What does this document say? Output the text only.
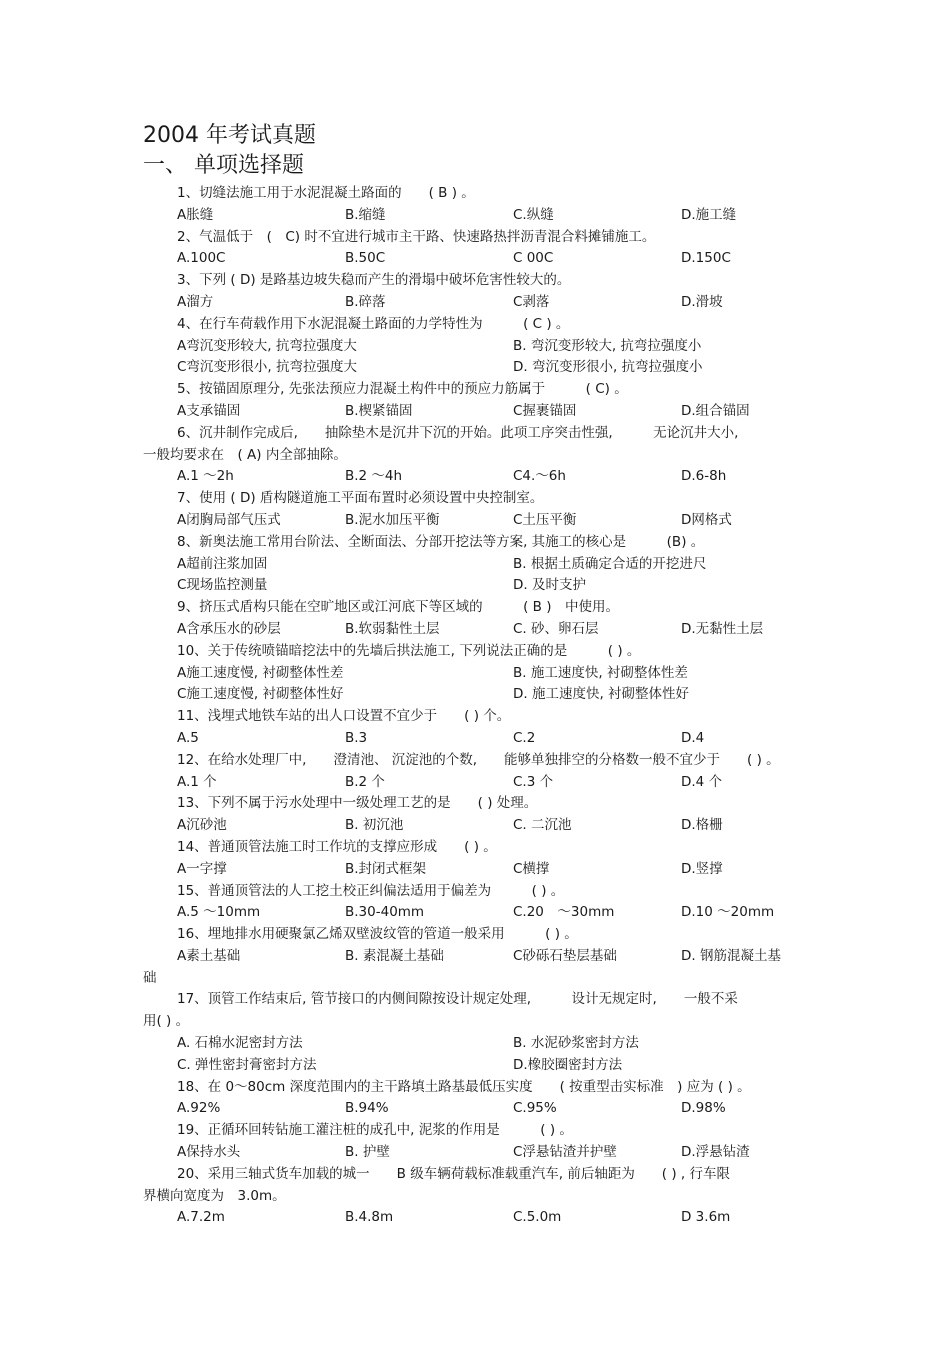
2004 年考试真题
一、 单项选择题
1、切缝法施工用于水泥混凝土路面的　　( B ) 。
A胀缝	B.缩缝	C.纵缝	D.施工缝
2、气温低于　(　C) 时不宜进行城市主干路、快速路热拌沥青混合料摊铺施工。
A.100C	B.50C	C 00C	D.150C
3、下列 ( D) 是路基边坡失稳而产生的滑塌中破坏危害性较大的。
A溜方	B.碎落	C剥落	D.滑坡
4、在行车荷载作用下水泥混凝土路面的力学特性为　　　( C ) 。
A弯沉变形较大, 抗弯拉强度大	B. 弯沉变形较大, 抗弯拉强度小
C弯沉变形很小, 抗弯拉强度大	D. 弯沉变形很小, 抗弯拉强度小
5、按锚固原理分, 先张法预应力混凝土构件中的预应力筋属于　　　( C) 。
A支承锚固	B.楔紧锚固	C握裹锚固	D.组合锚固
6、沉井制作完成后,　　抽除垫木是沉井下沉的开始。此项工序突击性强,　　　无论沉井大小,
一般均要求在　( A) 内全部抽除。
A.1 ～2h	B.2 ～4h	C4.～6h	D.6-8h
7、使用 ( D) 盾构隧道施工平面布置时必须设置中央控制室。
A闭胸局部气压式	B.泥水加压平衡	C土压平衡	D网格式
8、新奥法施工常用台阶法、全断面法、分部开挖法等方案, 其施工的核心是　　　(B) 。
A超前注浆加固	B. 根据土质确定合适的开挖进尺
C现场监控测量	D. 及时支护
9、挤压式盾构只能在空旷地区或江河底下等区域的　　　( B )　中使用。
A含承压水的砂层	B.软弱黏性土层	C. 砂、卵石层	D.无黏性土层
10、关于传统喷锚暗挖法中的先墙后拱法施工, 下列说法正确的是　　　( ) 。
A施工速度慢, 衬砌整体性差	B. 施工速度快, 衬砌整体性差
C施工速度慢, 衬砌整体性好	D. 施工速度快, 衬砌整体性好
11、浅埋式地铁车站的出人口设置不宜少于　　( ) 个。
A.5	B.3	C.2	D.4
12、在给水处理厂中,　　澄清池、 沉淀池的个数,　　能够单独排空的分格数一般不宜少于　　( ) 。
A.1 个	B.2 个	C.3 个	D.4 个
13、下列不属于污水处理中一级处理工艺的是　　( ) 处理。
A沉砂池	B. 初沉池	C. 二沉池	D.格栅
14、普通顶管法施工时工作坑的支撑应形成　　( ) 。
A一字撑	B.封闭式框架	C横撑	D.竖撑
15、普通顶管法的人工挖土校正纠偏法适用于偏差为　　　( ) 。
A.5 ～10mm	B.30-40mm	C.20　～30mm	D.10 ～20mm
16、埋地排水用硬聚氯乙烯双壁波纹管的管道一般采用　　　( ) 。
A素土基础	B. 素混凝土基础	C砂砾石垫层基础	D. 钢筋混凝土基
础
17、顶管工作结束后, 管节接口的内侧间隙按设计规定处理,　　　设计无规定时,　　一般不采
用( ) 。
A. 石棉水泥密封方法	B. 水泥砂浆密封方法
C. 弹性密封膏密封方法	D.橡胶圈密封方法
18、在 0～80cm 深度范围内的主干路填土路基最低压实度　　( 按重型击实标准　) 应为 ( ) 。
A.92%	B.94%	C.95%	D.98%
19、正循环回转钻施工灌注桩的成孔中, 泥浆的作用是　　　( ) 。
A保持水头	B. 护壁	C浮悬钻渣并护壁	D.浮悬钻渣
20、采用三轴式货车加载的城一　　B 级车辆荷载标准载重汽车, 前后轴距为　　( ) , 行车限
界横向宽度为　3.0m。
A.7.2m	B.4.8m	C.5.0m	D 3.6m
